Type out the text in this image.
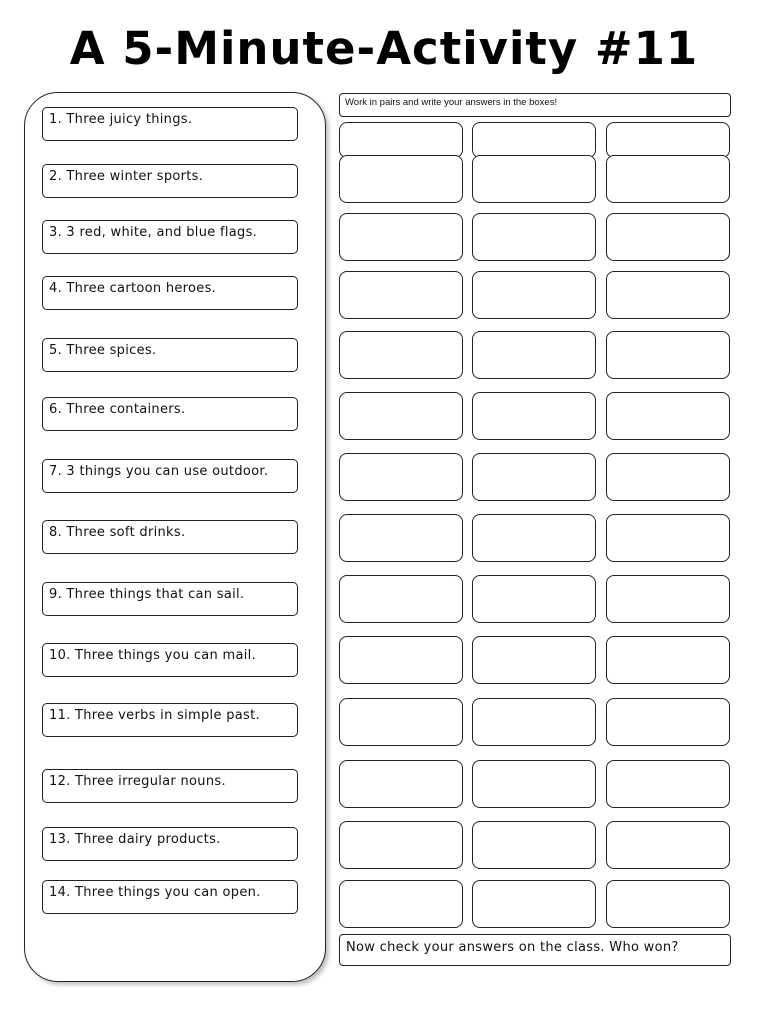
A 5-Minute-Activity #11
1. Three juicy things.
2. Three winter sports.
3. 3 red, white, and blue flags.
4. Three cartoon heroes.
5. Three spices.
6. Three containers.
7. 3 things you can use outdoor.
8. Three soft drinks.
9. Three things that can sail.
10. Three things you can mail.
11. Three verbs in simple past.
12. Three irregular nouns.
13. Three dairy products.
14. Three things you can open.
Work in pairs and write your answers in the boxes!
Now check your answers on the class. Who won?
